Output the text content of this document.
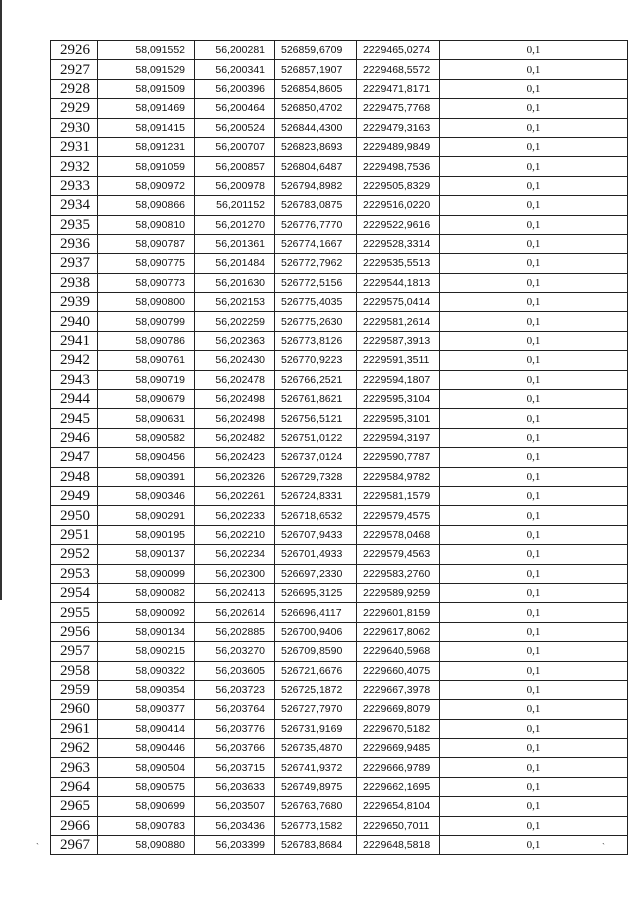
2926	58,091552	56,200281	526859,6709	2229465,0274	0,1
2927	58,091529	56,200341	526857,1907	2229468,5572	0,1
2928	58,091509	56,200396	526854,8605	2229471,8171	0,1
2929	58,091469	56,200464	526850,4702	2229475,7768	0,1
2930	58,091415	56,200524	526844,4300	2229479,3163	0,1
2931	58,091231	56,200707	526823,8693	2229489,9849	0,1
2932	58,091059	56,200857	526804,6487	2229498,7536	0,1
2933	58,090972	56,200978	526794,8982	2229505,8329	0,1
2934	58,090866	56,201152	526783,0875	2229516,0220	0,1
2935	58,090810	56,201270	526776,7770	2229522,9616	0,1
2936	58,090787	56,201361	526774,1667	2229528,3314	0,1
2937	58,090775	56,201484	526772,7962	2229535,5513	0,1
2938	58,090773	56,201630	526772,5156	2229544,1813	0,1
2939	58,090800	56,202153	526775,4035	2229575,0414	0,1
2940	58,090799	56,202259	526775,2630	2229581,2614	0,1
2941	58,090786	56,202363	526773,8126	2229587,3913	0,1
2942	58,090761	56,202430	526770,9223	2229591,3511	0,1
2943	58,090719	56,202478	526766,2521	2229594,1807	0,1
2944	58,090679	56,202498	526761,8621	2229595,3104	0,1
2945	58,090631	56,202498	526756,5121	2229595,3101	0,1
2946	58,090582	56,202482	526751,0122	2229594,3197	0,1
2947	58,090456	56,202423	526737,0124	2229590,7787	0,1
2948	58,090391	56,202326	526729,7328	2229584,9782	0,1
2949	58,090346	56,202261	526724,8331	2229581,1579	0,1
2950	58,090291	56,202233	526718,6532	2229579,4575	0,1
2951	58,090195	56,202210	526707,9433	2229578,0468	0,1
2952	58,090137	56,202234	526701,4933	2229579,4563	0,1
2953	58,090099	56,202300	526697,2330	2229583,2760	0,1
2954	58,090082	56,202413	526695,3125	2229589,9259	0,1
2955	58,090092	56,202614	526696,4117	2229601,8159	0,1
2956	58,090134	56,202885	526700,9406	2229617,8062	0,1
2957	58,090215	56,203270	526709,8590	2229640,5968	0,1
2958	58,090322	56,203605	526721,6676	2229660,4075	0,1
2959	58,090354	56,203723	526725,1872	2229667,3978	0,1
2960	58,090377	56,203764	526727,7970	2229669,8079	0,1
2961	58,090414	56,203776	526731,9169	2229670,5182	0,1
2962	58,090446	56,203766	526735,4870	2229669,9485	0,1
2963	58,090504	56,203715	526741,9372	2229666,9789	0,1
2964	58,090575	56,203633	526749,8975	2229662,1695	0,1
2965	58,090699	56,203507	526763,7680	2229654,8104	0,1
2966	58,090783	56,203436	526773,1582	2229650,7011	0,1
2967	58,090880	56,203399	526783,8684	2229648,5818	0,1
`	`
